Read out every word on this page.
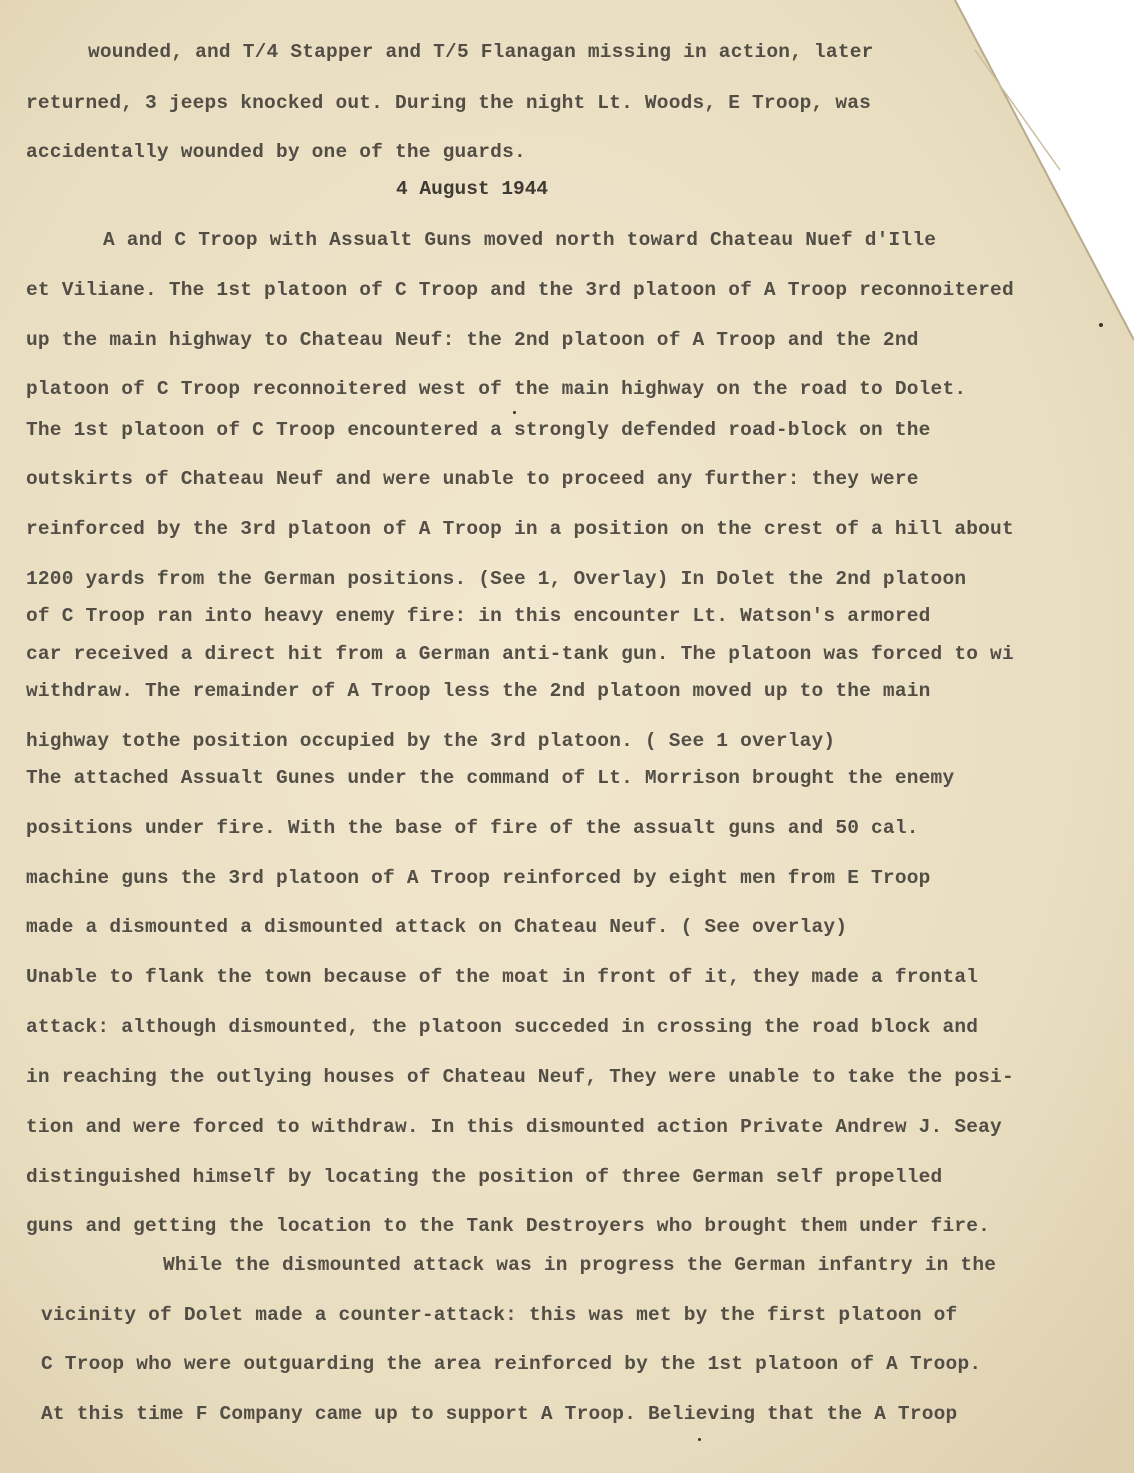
wounded, and T/4 Stapper and T/5 Flanagan missing in action, later

returned, 3 jeeps knocked out. During the night Lt. Woods, E Troop, was

accidentally wounded by one of the guards.

4 August 1944

A and C Troop with Assualt Guns moved north toward Chateau Nuef d'Ille

et Viliane. The 1st platoon of C Troop and the 3rd platoon of A Troop reconnoitered

up the main highway to Chateau Neuf: the 2nd platoon of A Troop and the 2nd

platoon of C Troop reconnoitered west of the main highway on the road to Dolet.

The 1st platoon of C Troop encountered a strongly defended road-block on the

outskirts of Chateau Neuf and were unable to proceed any further: they were

reinforced by the 3rd platoon of A Troop in a position on the crest of a hill about

1200 yards from the German positions. (See 1, Overlay) In Dolet the 2nd platoon

of C Troop ran into heavy enemy fire: in this encounter Lt. Watson's armored

car received a direct hit from a German anti-tank gun. The platoon was forced to wi

withdraw. The remainder of A Troop less the 2nd platoon moved up to the main

highway tothe position occupied by the 3rd platoon. ( See 1 overlay)

The attached Assualt Gunes under the command of Lt. Morrison brought the enemy

positions under fire. With the base of fire of the assualt guns and 50 cal.

machine guns the 3rd platoon of A Troop reinforced by eight men from E Troop

made a dismounted a dismounted attack on Chateau Neuf. ( See overlay)

Unable to flank the town because of the moat in front of it, they made a frontal

attack: although dismounted, the platoon succeded in crossing the road block and

in reaching the outlying houses of Chateau Neuf, They were unable to take the posi-

tion and were forced to withdraw. In this dismounted action Private Andrew J. Seay

distinguished himself by locating the position of three German self propelled

guns and getting the location to the Tank Destroyers who brought them under fire.

While the dismounted attack was in progress the German infantry in the

vicinity of Dolet made a counter-attack: this was met by the first platoon of

C Troop who were outguarding the area reinforced by the 1st platoon of A Troop.

At this time F Company came up to support A Troop. Believing that the A Troop
